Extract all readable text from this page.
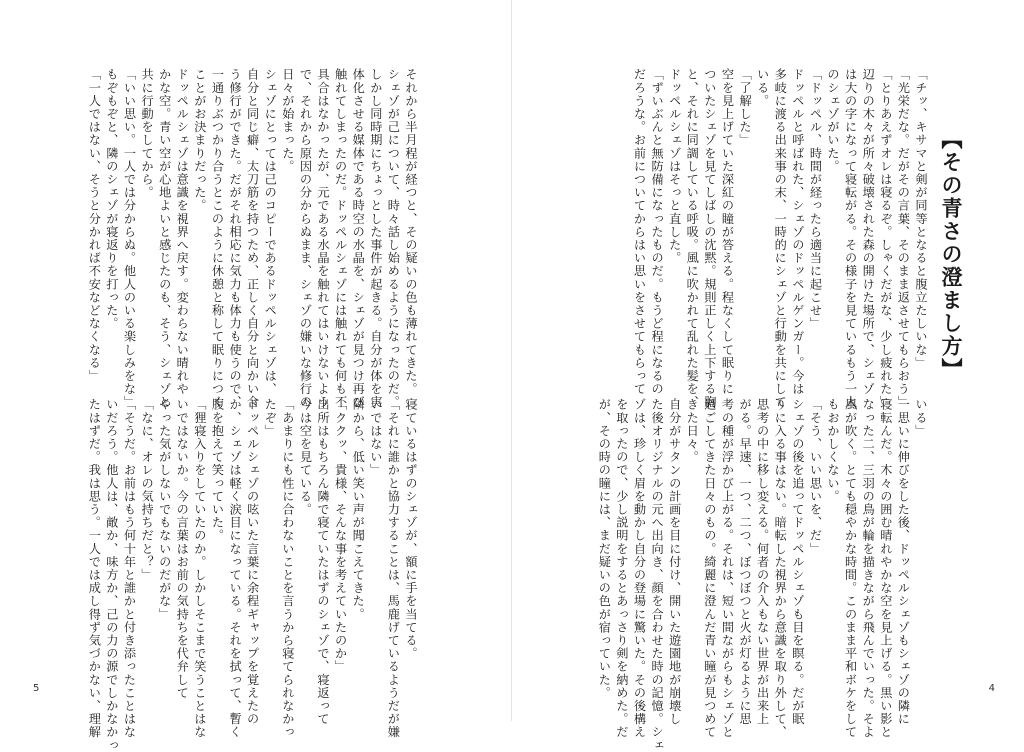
それから半月程が経つと、その疑いの色も薄れてきた。

シェゾが己について、時々話し始めるようになったのだ。

しかし同時期にちょっとした事件が起きる。自分が体を実

体化させる媒体である時空の水晶を、シェゾが見つけ再び

触れてしまったのだ。ドッペルシェゾには触れても何も不

具合はなかったが、元である水晶を触れてはいけないよう

で、それから原因の分からぬまま、シェゾの嫌いな修行の

日々が始まった。

シェゾにとっては己のコピーであるドッペルシェゾは、

自分と同じ癖、太刀筋を持つため、正しく自分と向かい合

う修行ができた。だがそれ相応に気力も体力も使うので、

一通りぶつかり合うとこのように休憩と称して眠りにつく

ことがお決まりだった。

ドッペルシェゾは意識を視界へ戻す。変わらない晴れや

かな空。青い空が心地よいと感じたのも、そう、シェゾと

共に行動をしてから。

「いい思い。一人では分からぬ。他人のいる楽しみをな」

もぞもぞと、隣のシェゾが寝返りを打った。

「一人ではない、そうと分かれば不安などなくなる」

寝ているはずのシェゾが、額に手を当てる。

「それに誰かと協力することは、馬鹿げているようだが嫌

いではない」

隣から、低い笑い声が聞こえてきた。

「ククッ、貴様、そんな事を考えていたのか」

出所はもちろん隣で寝ていたはずのシェゾで、寝返って

今は空を見ている。

「あまりにも性に合わないことを言うから寝てられなかっ

たぞ」

ドッペルシェゾの呟いた言葉に余程ギャップを覚えたの

か、シェゾは軽く涙目になっている。それを拭って、暫く

腹を抱えて笑っていた。

「狸寝入りをしていたのか。しかしそこまで笑うことはな

いではないか。今の言葉はお前の気持ちを代弁して

やった気がしないでもないのだがな」

「なに、オレの気持ちだと？」

「そうだ。お前はもう何十年と誰かと付き添ったことはな

いだろう。他人は、敵か、味方か、己の力の源でしかなかっ

たはずだ。我は思う。一人では成し得ず気づかない、理解

5
【その青さの澄まし方】

「チッ、キサマと剣が同等となると腹立たしいな」

「光栄だな。だがその言葉、そのまま返させてもらおう」

「とりあえずオレは寝るぞ。しゃくだがな、少し疲れた」

辺りの木々が所々破壊された森の開けた場所で、シェゾ

は大の字になって寝転がる。その様子を見ているもう一人

のシェゾがいた。

「ドッペル、時間が経ったら適当に起こせ」

ドッペルと呼ばれた、シェゾのドッペルゲンガー。今は

多岐に渡る出来事の末、一時的にシェゾと行動を共にして

いる。

「了解した」

空を見上げていた深紅の瞳が答える。程なくして眠りに

ついたシェゾを見てしばしの沈黙。規則正しく上下する胸

と、それに同調している呼吸。風に吹かれて乱れた髪を、

ドッペルシェゾはそっと直した。

「ずいぶんと無防備になったものだ。もうど程になるの

だろうな。お前についてからはい思いをさせてもらって

いる」

一思いに伸びをした後、ドッペルシェゾもシェゾの隣に

寝転んだ。木々の囲む晴れやかな空を見上げる。黒い影と

なった二、三羽の鳥が輪を描きながら飛んでいった。そよ

風が吹く。とても穏やかな時間。このまま平和ボケをして

もおかしくない。

「そう、いい思いを、だ」

シェゾの後を追ってドッペルシェゾも目を瞑る。だが眠

りに入る事はない。暗転した視界から意識を取り外して、

思考の中に移し変える。何者の介入もない世界が出来上

がる。早速、一つ、二つ、ぼつぼつと火が灯るように思

考の種が浮かび上がる。それは、短い間ながらもシェゾと

過ごしてきた日々のもの。綺麗に澄んだ青い瞳が見つめて

きた日々。

自分がサタンの計画を目に付け、開いた遊園地が崩壊し

た後オリジナルの元へ出向き、顔を合わせた時の記憶。シェ

ゾは、珍しく眉を動かし自分の登場に驚いた。その後構え

を取ったので、少し説明をするとあっさり剣を納めた。だ

が、その時の瞳には、まだ疑いの色が宿っていた。	4
